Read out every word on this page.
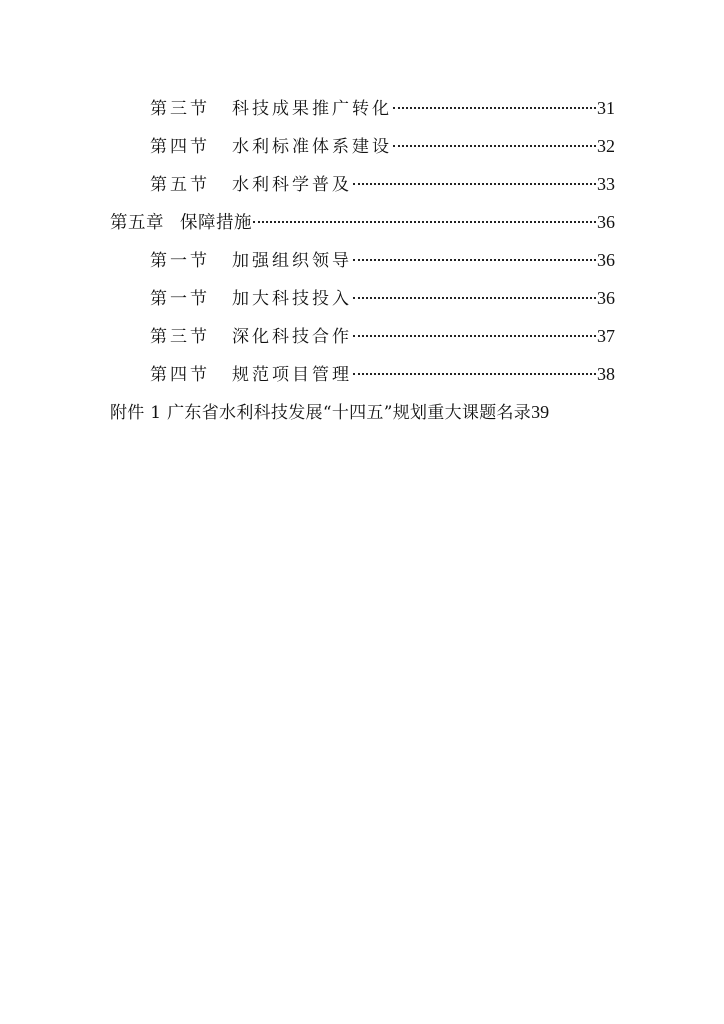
第三节 科技成果推广转化	31
第四节 水利标准体系建设	32
第五节 水利科学普及	33
第五章 保障措施	36
第一节 加强组织领导	36
第一节 加大科技投入	36
第三节 深化科技合作	37
第四节 规范项目管理	38
附件 1 广东省水利科技发展“十四五”规划重大课题名录 39
